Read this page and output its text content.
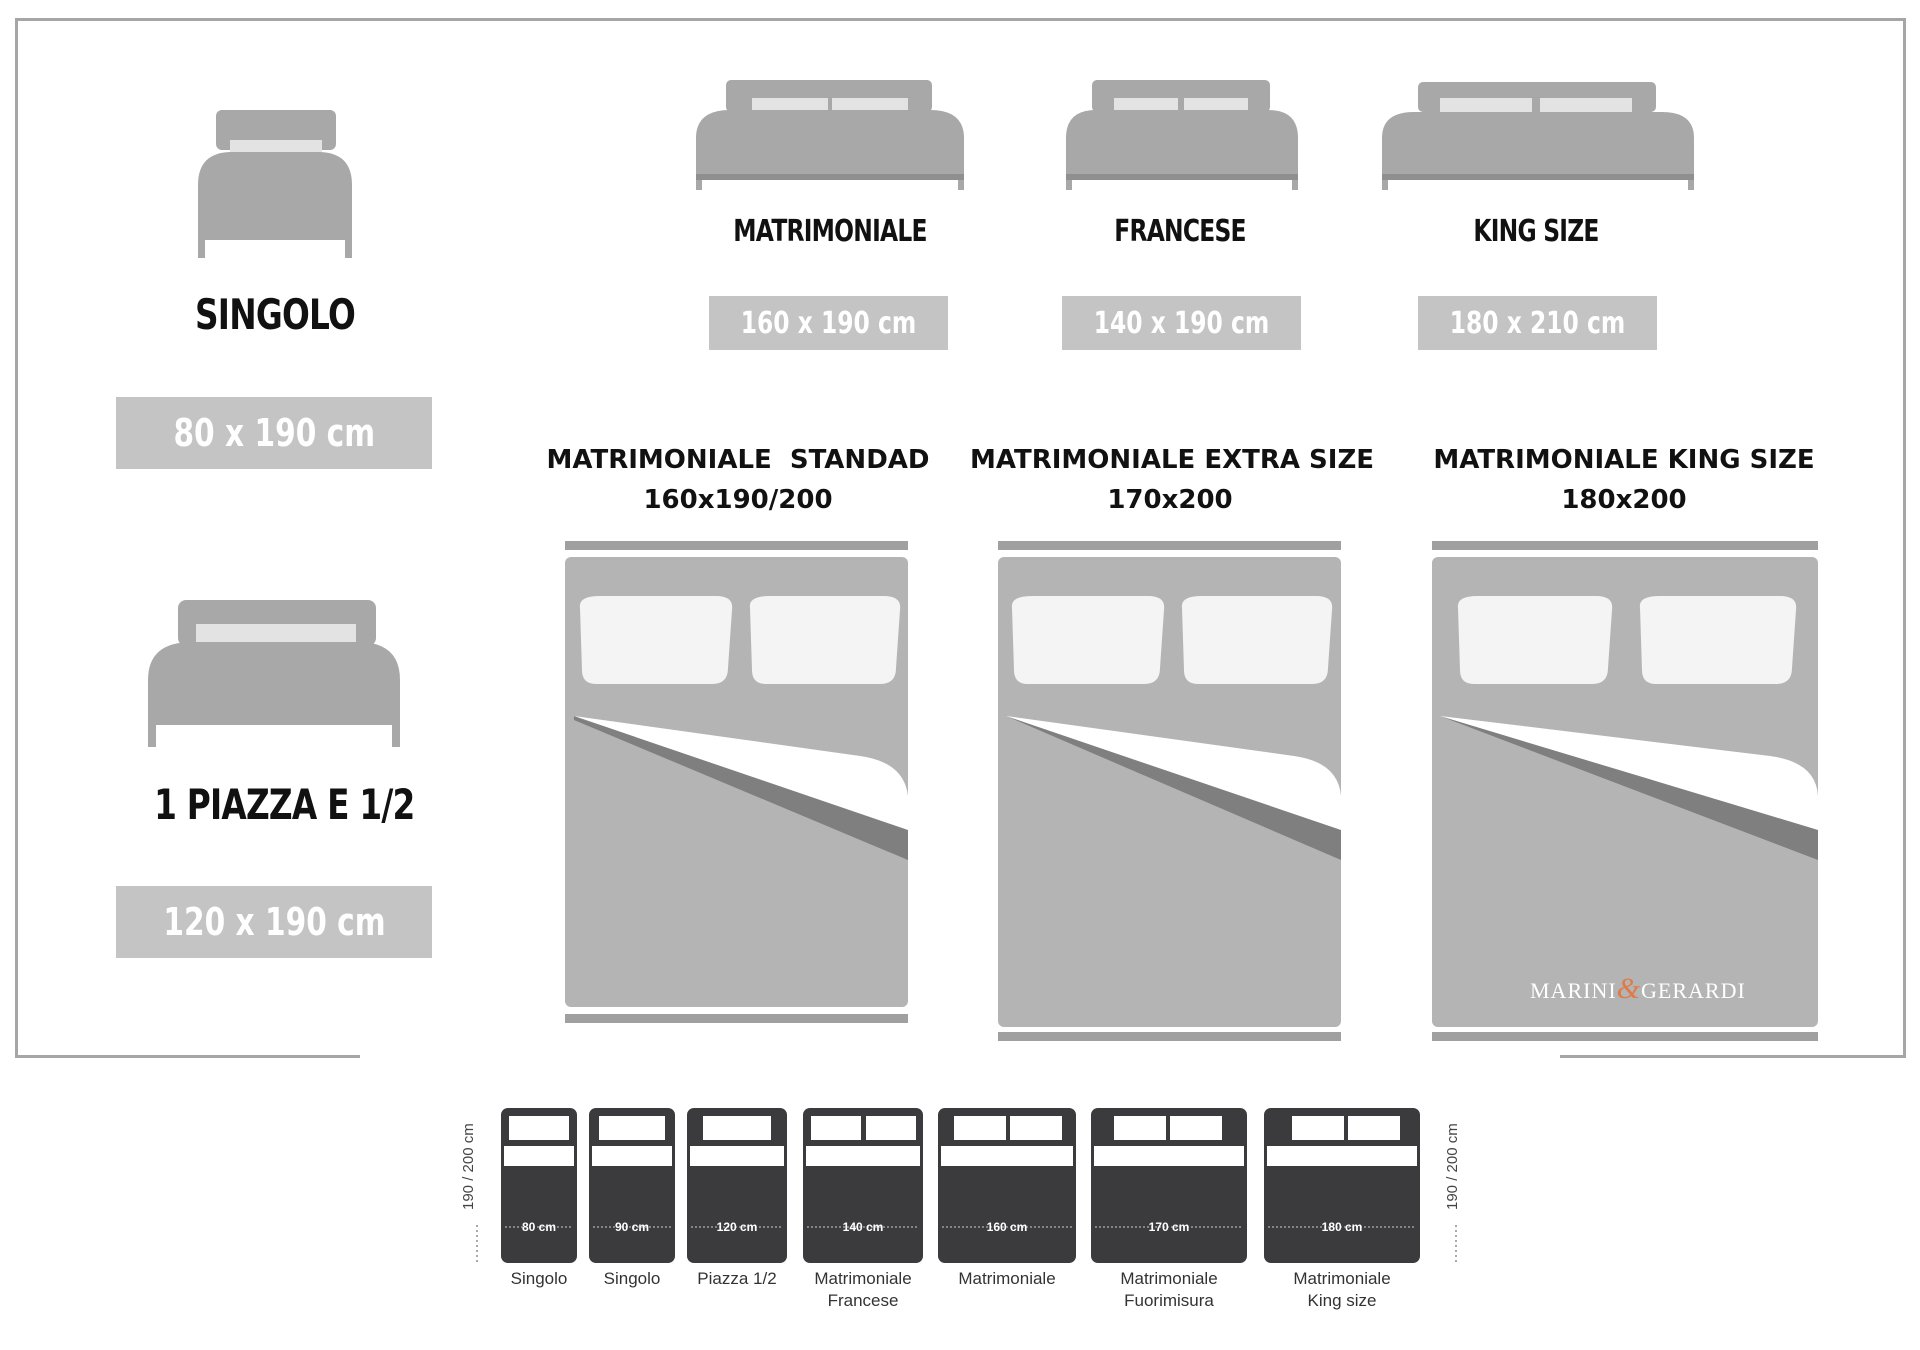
SINGOLO
80 x 190 cm
1 PIAZZA E 1/2
120 x 190 cm
MATRIMONIALE
160 x 190 cm
FRANCESE
140 x 190 cm
KING SIZE
180 x 210 cm
MATRIMONIALE  STANDAD
160x190/200
MATRIMONIALE EXTRA SIZE
170x200
MATRIMONIALE KING SIZE
180x200
MARINI&GERARDI
80 cm	90 cm	120 cm	140 cm	160 cm	170 cm	180 cm
Singolo	Singolo	Piazza 1/2	Matrimoniale
Francese
Matrimoniale	Matrimoniale
Fuorimisura
Matrimoniale
King size
190 / 200 cm	190 / 200 cm
